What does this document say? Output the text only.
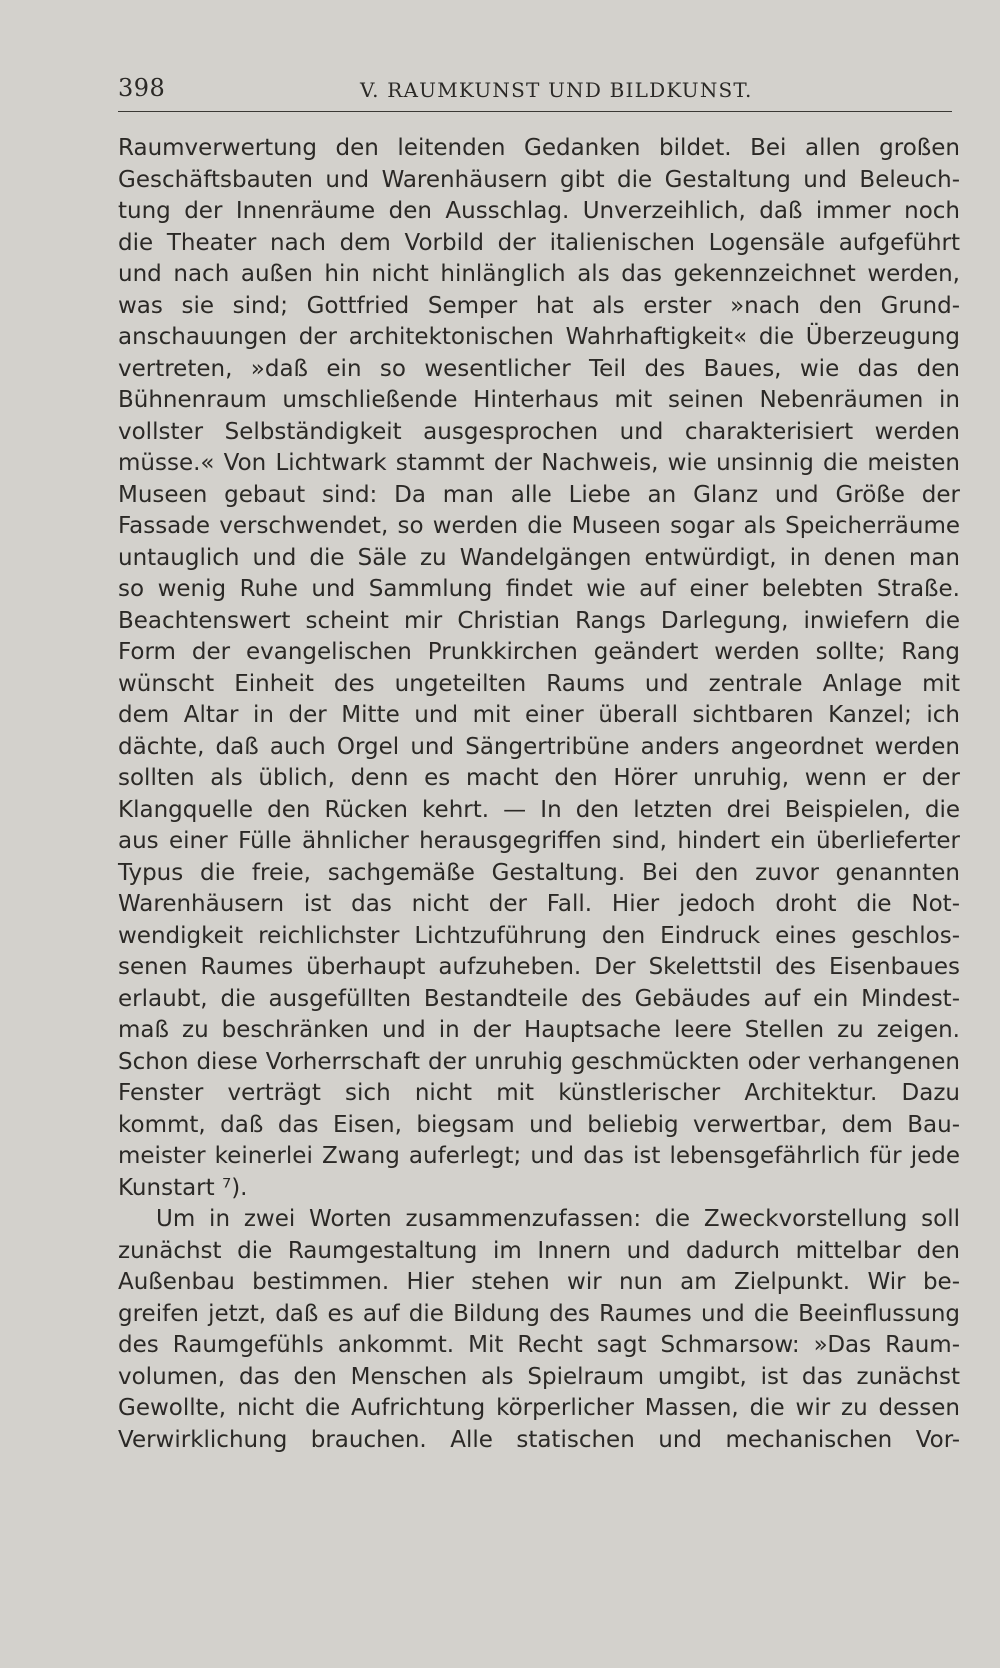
398	V. RAUMKUNST UND BILDKUNST.
Raumverwertung den leitenden Gedanken bildet. Bei allen großen
Geschäftsbauten und Warenhäusern gibt die Gestaltung und Beleuch-
tung der Innenräume den Ausschlag. Unverzeihlich, daß immer noch
die Theater nach dem Vorbild der italienischen Logensäle aufgeführt
und nach außen hin nicht hinlänglich als das gekennzeichnet werden,
was sie sind; Gottfried Semper hat als erster »nach den Grund-
anschauungen der architektonischen Wahrhaftigkeit« die Überzeugung
vertreten, »daß ein so wesentlicher Teil des Baues, wie das den
Bühnenraum umschließende Hinterhaus mit seinen Nebenräumen in
vollster Selbständigkeit ausgesprochen und charakterisiert werden
müsse.« Von Lichtwark stammt der Nachweis, wie unsinnig die meisten
Museen gebaut sind: Da man alle Liebe an Glanz und Größe der
Fassade verschwendet, so werden die Museen sogar als Speicherräume
untauglich und die Säle zu Wandelgängen entwürdigt, in denen man
so wenig Ruhe und Sammlung findet wie auf einer belebten Straße.
Beachtenswert scheint mir Christian Rangs Darlegung, inwiefern die
Form der evangelischen Prunkkirchen geändert werden sollte; Rang
wünscht Einheit des ungeteilten Raums und zentrale Anlage mit
dem Altar in der Mitte und mit einer überall sichtbaren Kanzel; ich
dächte, daß auch Orgel und Sängertribüne anders angeordnet werden
sollten als üblich, denn es macht den Hörer unruhig, wenn er der
Klangquelle den Rücken kehrt. — In den letzten drei Beispielen, die
aus einer Fülle ähnlicher herausgegriffen sind, hindert ein überlieferter
Typus die freie, sachgemäße Gestaltung. Bei den zuvor genannten
Warenhäusern ist das nicht der Fall. Hier jedoch droht die Not-
wendigkeit reichlichster Lichtzuführung den Eindruck eines geschlos-
senen Raumes überhaupt aufzuheben. Der Skelettstil des Eisenbaues
erlaubt, die ausgefüllten Bestandteile des Gebäudes auf ein Mindest-
maß zu beschränken und in der Hauptsache leere Stellen zu zeigen.
Schon diese Vorherrschaft der unruhig geschmückten oder verhangenen
Fenster verträgt sich nicht mit künstlerischer Architektur. Dazu
kommt, daß das Eisen, biegsam und beliebig verwertbar, dem Bau-
meister keinerlei Zwang auferlegt; und das ist lebensgefährlich für jede
Kunstart ⁷).
Um in zwei Worten zusammenzufassen: die Zweckvorstellung soll
zunächst die Raumgestaltung im Innern und dadurch mittelbar den
Außenbau bestimmen. Hier stehen wir nun am Zielpunkt. Wir be-
greifen jetzt, daß es auf die Bildung des Raumes und die Beeinflussung
des Raumgefühls ankommt. Mit Recht sagt Schmarsow: »Das Raum-
volumen, das den Menschen als Spielraum umgibt, ist das zunächst
Gewollte, nicht die Aufrichtung körperlicher Massen, die wir zu dessen
Verwirklichung brauchen. Alle statischen und mechanischen Vor-
